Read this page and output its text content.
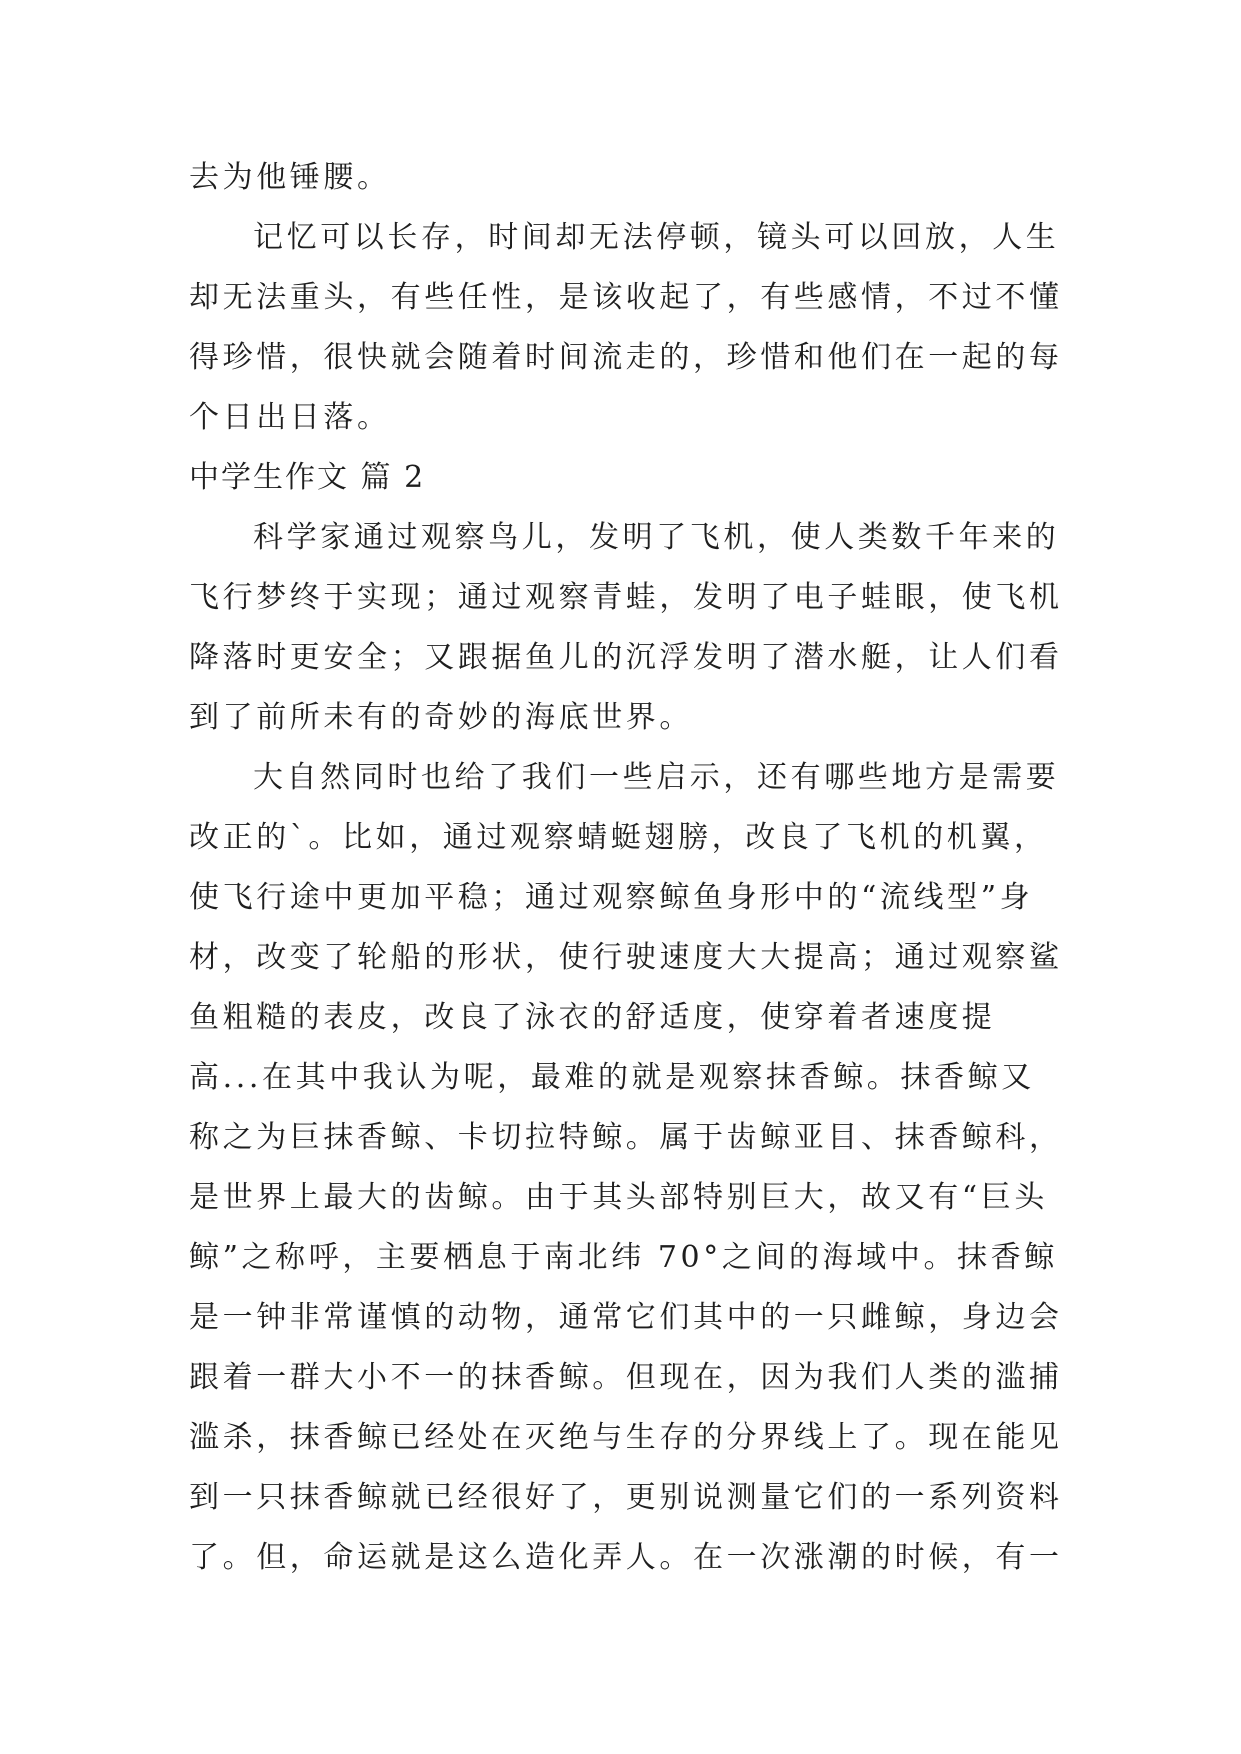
去为他锤腰。
记忆可以长存，时间却无法停顿，镜头可以回放，人生
却无法重头，有些任性，是该收起了，有些感情，不过不懂
得珍惜，很快就会随着时间流走的，珍惜和他们在一起的每
个日出日落。
中学生作文 篇 2
科学家通过观察鸟儿，发明了飞机，使人类数千年来的
飞行梦终于实现；通过观察青蛙，发明了电子蛙眼，使飞机
降落时更安全；又跟据鱼儿的沉浮发明了潜水艇，让人们看
到了前所未有的奇妙的海底世界。
大自然同时也给了我们一些启示，还有哪些地方是需要
改正的`。比如，通过观察蜻蜓翅膀，改良了飞机的机翼，
使飞行途中更加平稳；通过观察鲸鱼身形中的“流线型”身
材，改变了轮船的形状，使行驶速度大大提高；通过观察鲨
鱼粗糙的表皮，改良了泳衣的舒适度，使穿着者速度提
高...在其中我认为呢，最难的就是观察抹香鲸。抹香鲸又
称之为巨抹香鲸、卡切拉特鲸。属于齿鲸亚目、抹香鲸科，
是世界上最大的齿鲸。由于其头部特别巨大，故又有“巨头
鲸”之称呼，主要栖息于南北纬 70°之间的海域中。抹香鲸
是一钟非常谨慎的动物，通常它们其中的一只雌鲸，身边会
跟着一群大小不一的抹香鲸。但现在，因为我们人类的滥捕
滥杀，抹香鲸已经处在灭绝与生存的分界线上了。现在能见
到一只抹香鲸就已经很好了，更别说测量它们的一系列资料
了。但，命运就是这么造化弄人。在一次涨潮的时候，有一
